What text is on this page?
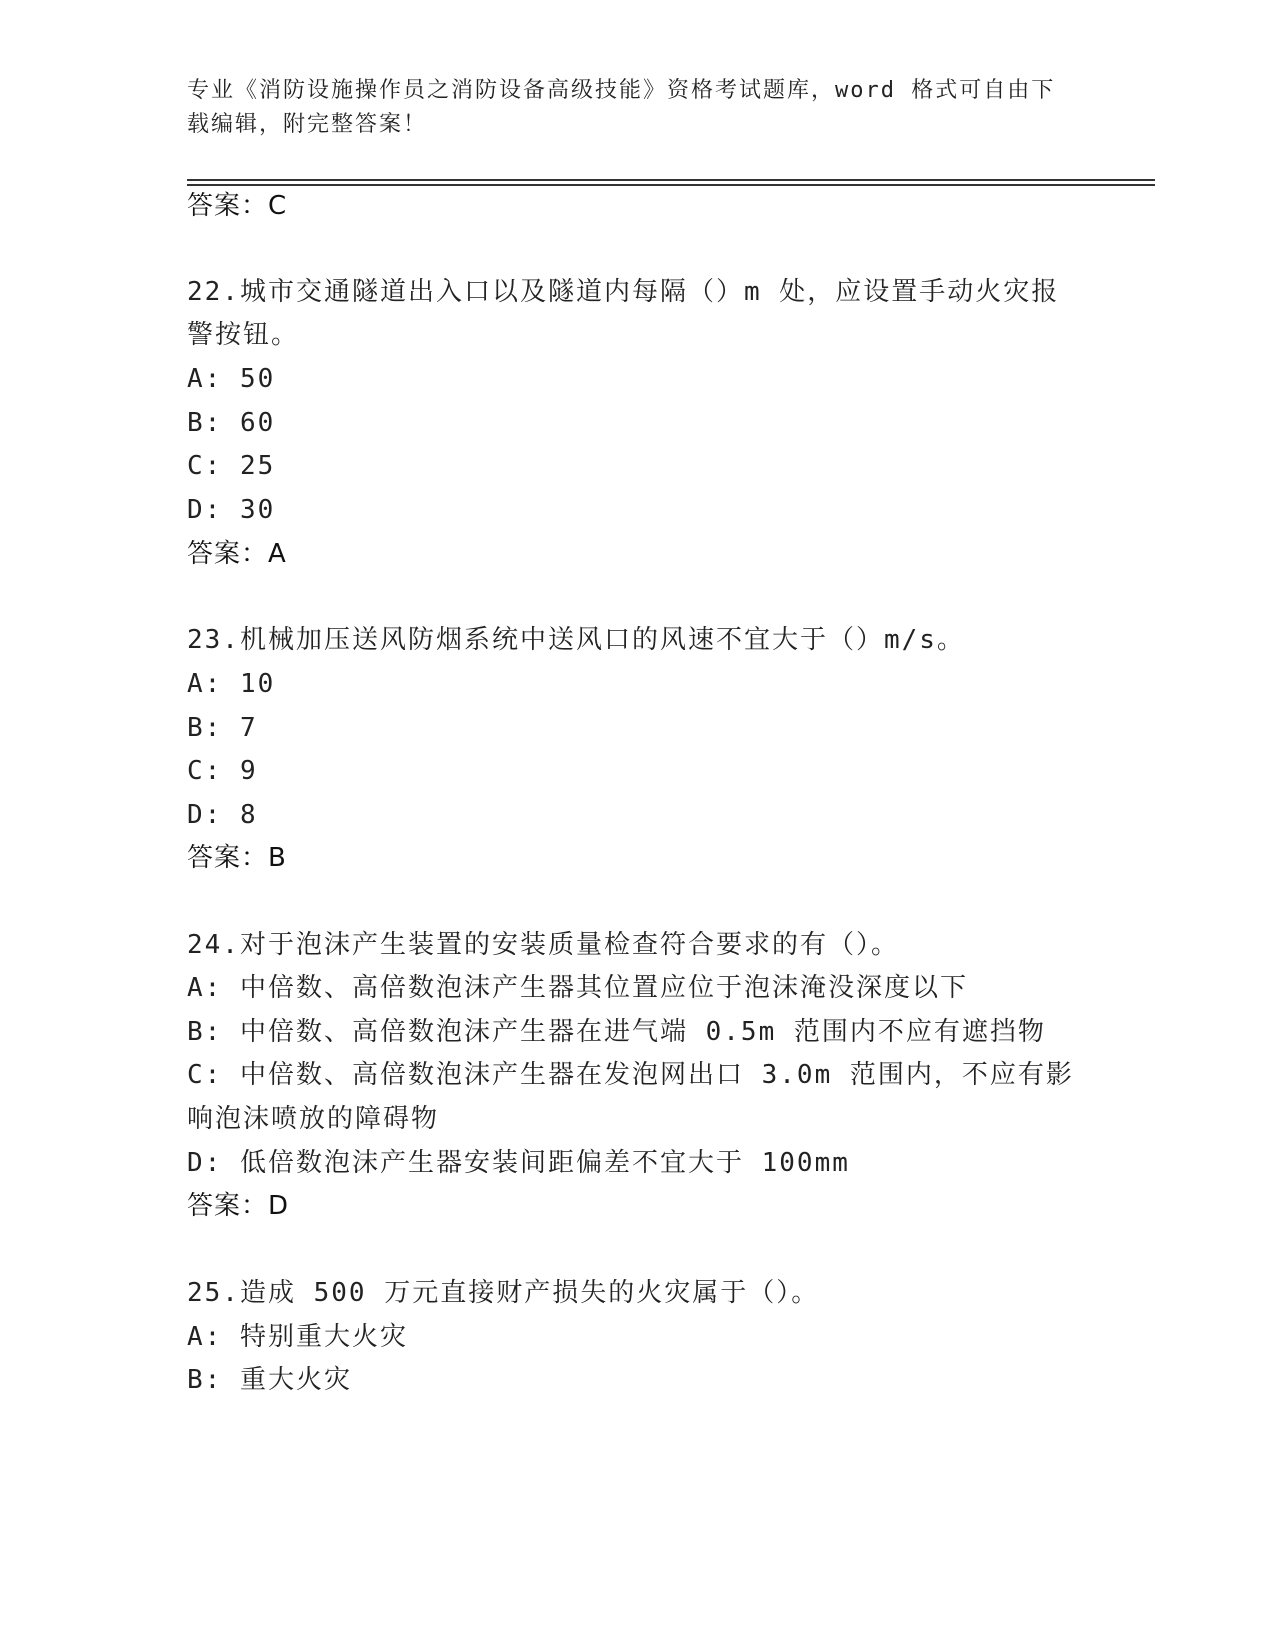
专业《消防设施操作员之消防设备高级技能》资格考试题库，word 格式可自由下
载编辑，附完整答案！
答案：C
22.城市交通隧道出入口以及隧道内每隔（）m 处，应设置手动火灾报
警按钮。
A: 50
B: 60
C: 25
D: 30
答案：A
23.机械加压送风防烟系统中送风口的风速不宜大于（）m/s。
A: 10
B: 7
C: 9
D: 8
答案：B
24.对于泡沫产生装置的安装质量检查符合要求的有（）。
A: 中倍数、高倍数泡沫产生器其位置应位于泡沫淹没深度以下
B: 中倍数、高倍数泡沫产生器在进气端 0.5m 范围内不应有遮挡物
C: 中倍数、高倍数泡沫产生器在发泡网出口 3.0m 范围内，不应有影
响泡沫喷放的障碍物
D: 低倍数泡沫产生器安装间距偏差不宜大于 100mm
答案：D
25.造成 500 万元直接财产损失的火灾属于（）。
A: 特别重大火灾
B: 重大火灾
